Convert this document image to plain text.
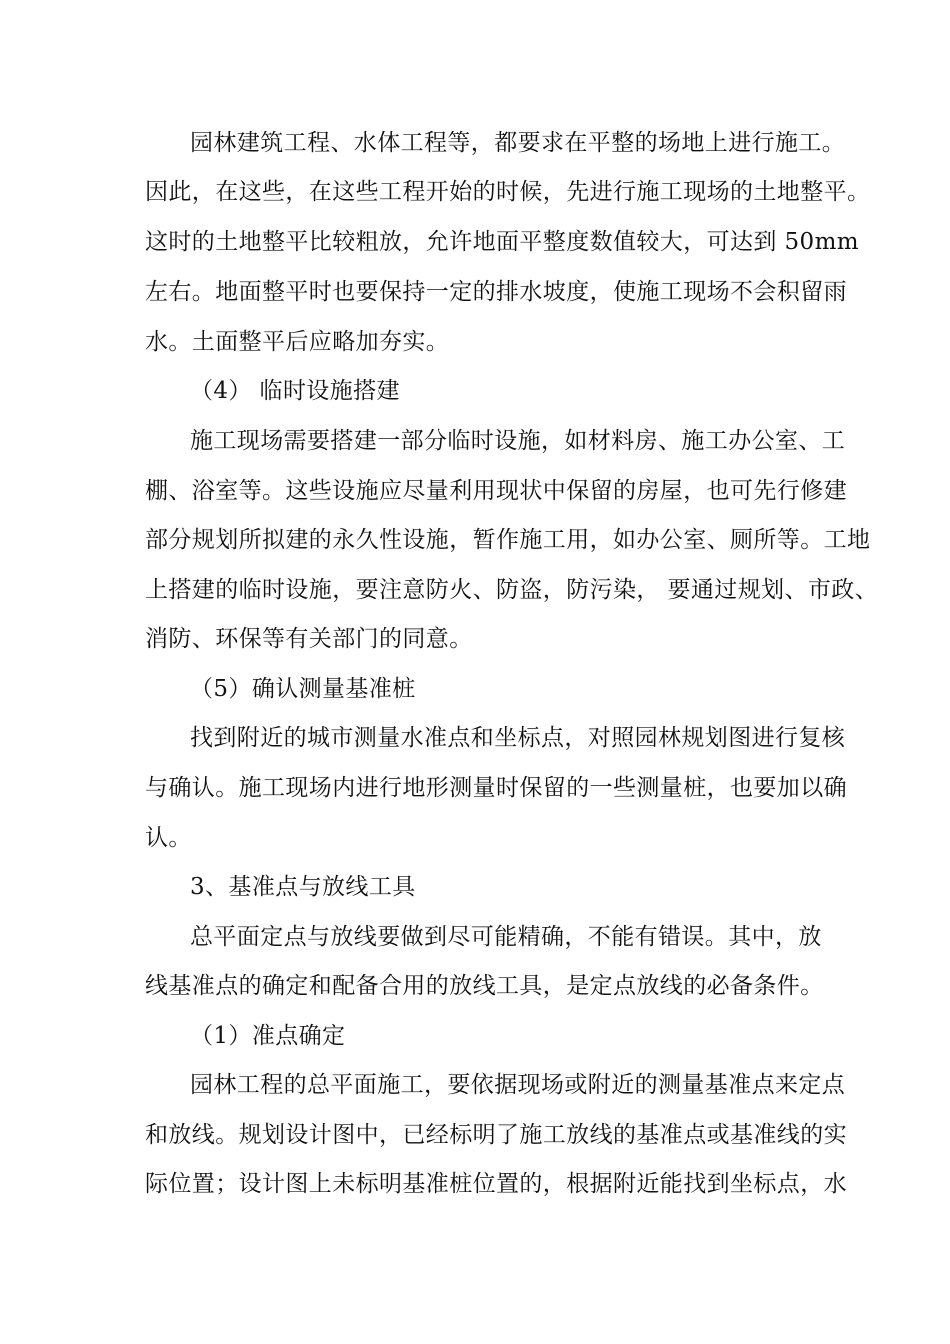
园林建筑工程、水体工程等，都要求在平整的场地上进行施工。
因此，在这些，在这些工程开始的时候，先进行施工现场的土地整平。
这时的土地整平比较粗放，允许地面平整度数值较大，可达到 50mm
左右。地面整平时也要保持一定的排水坡度，使施工现场不会积留雨
水。土面整平后应略加夯实。
（4） 临时设施搭建
施工现场需要搭建一部分临时设施，如材料房、施工办公室、工
棚、浴室等。这些设施应尽量利用现状中保留的房屋，也可先行修建
部分规划所拟建的永久性设施，暂作施工用，如办公室、厕所等。工地
上搭建的临时设施，要注意防火、防盗，防污染， 要通过规划、市政、
消防、环保等有关部门的同意。
（5）确认测量基准桩
找到附近的城市测量水准点和坐标点，对照园林规划图进行复核
与确认。施工现场内进行地形测量时保留的一些测量桩，也要加以确
认。
3、基准点与放线工具
总平面定点与放线要做到尽可能精确，不能有错误。其中，放
线基准点的确定和配备合用的放线工具，是定点放线的必备条件。
（1）准点确定
园林工程的总平面施工，要依据现场或附近的测量基准点来定点
和放线。规划设计图中，已经标明了施工放线的基准点或基准线的实
际位置；设计图上未标明基准桩位置的，根据附近能找到坐标点，水
